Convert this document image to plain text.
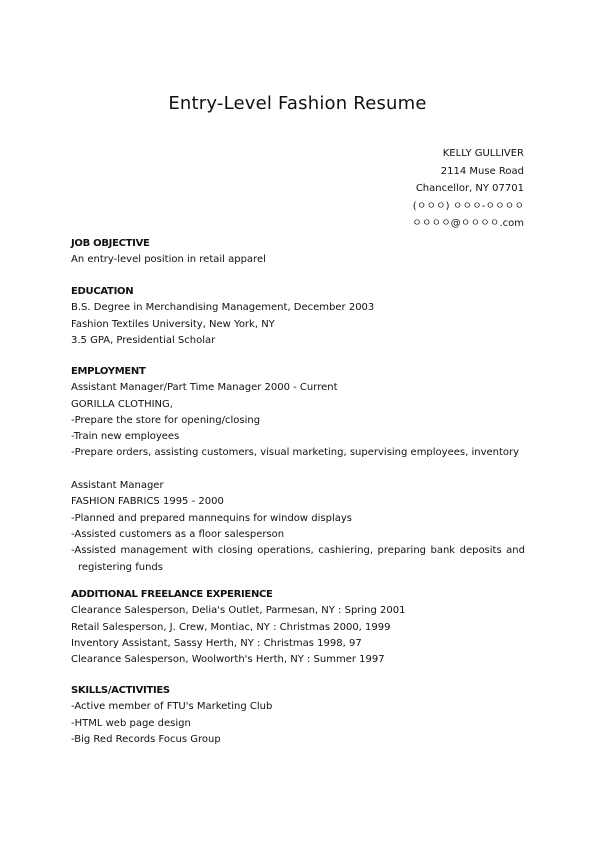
Entry-Level Fashion Resume
KELLY GULLIVER
2114 Muse Road
Chancellor, NY 07701
(ㅇㅇㅇ) ㅇㅇㅇ-ㅇㅇㅇㅇ
ㅇㅇㅇㅇ@ㅇㅇㅇㅇ.com
JOB OBJECTIVE
An entry-level position in retail apparel
EDUCATION
B.S. Degree in Merchandising Management, December 2003
Fashion Textiles University, New York, NY
3.5 GPA, Presidential Scholar
EMPLOYMENT
Assistant Manager/Part Time Manager 2000 - Current
GORILLA CLOTHING,
-Prepare the store for opening/closing
-Train new employees
-Prepare orders, assisting customers, visual marketing, supervising employees, inventory
Assistant Manager
FASHION FABRICS 1995 - 2000
-Planned and prepared mannequins for window displays
-Assisted customers as a floor salesperson
-Assisted management with closing operations, cashiering, preparing bank deposits and
registering funds
ADDITIONAL FREELANCE EXPERIENCE
Clearance Salesperson, Delia's Outlet, Parmesan, NY : Spring 2001
Retail Salesperson, J. Crew, Montiac, NY : Christmas 2000, 1999
Inventory Assistant, Sassy Herth, NY : Christmas 1998, 97
Clearance Salesperson, Woolworth's Herth, NY : Summer 1997
SKILLS/ACTIVITIES
-Active member of FTU's Marketing Club
-HTML web page design
-Big Red Records Focus Group
